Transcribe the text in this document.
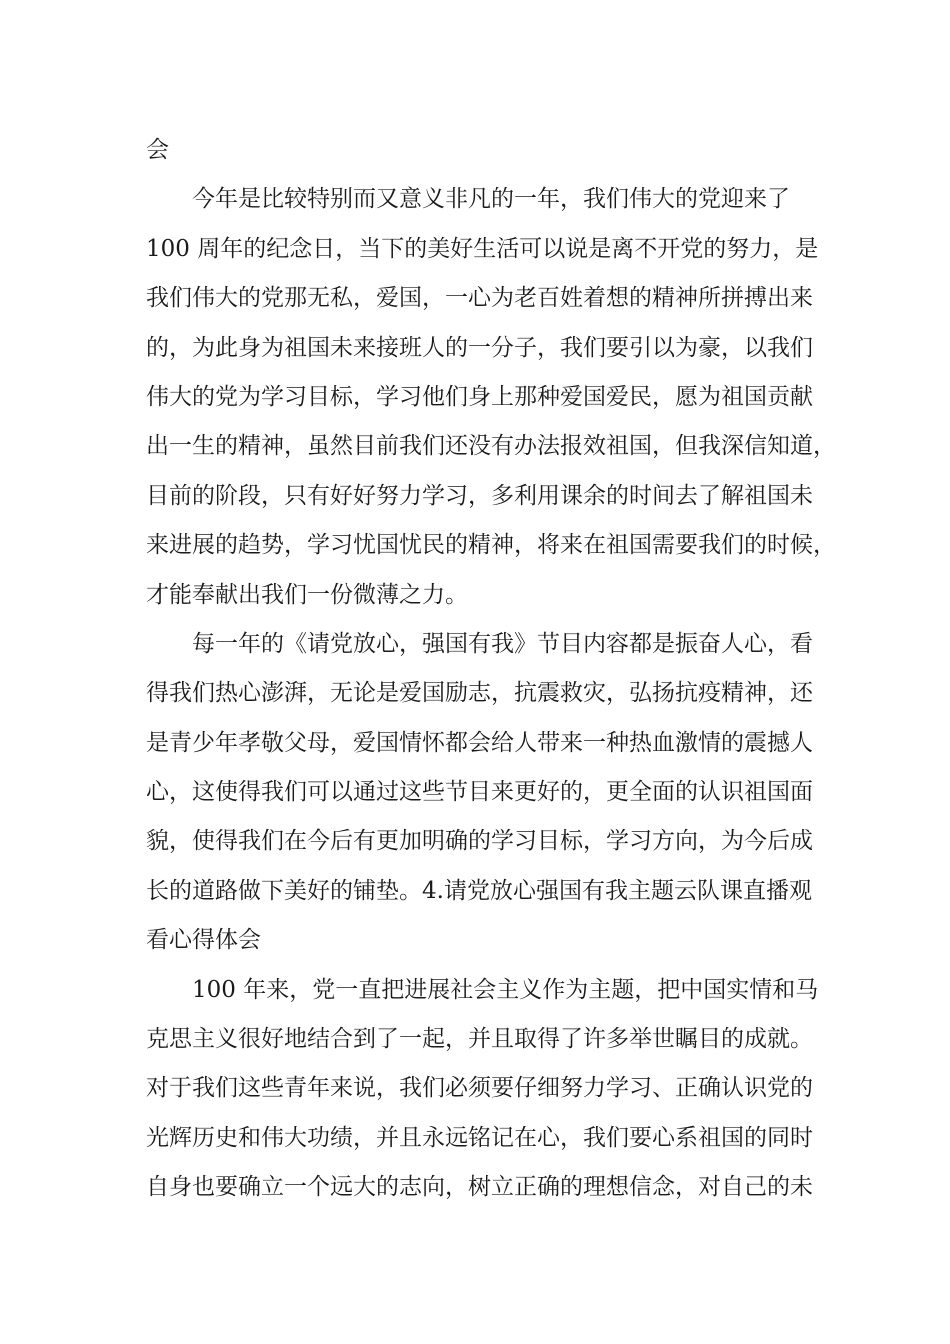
会
今年是比较特别而又意义非凡的一年，我们伟大的党迎来了
100 周年的纪念日，当下的美好生活可以说是离不开党的努力，是
我们伟大的党那无私，爱国，一心为老百姓着想的精神所拼搏出来
的，为此身为祖国未来接班人的一分子，我们要引以为豪，以我们
伟大的党为学习目标，学习他们身上那种爱国爱民，愿为祖国贡献
出一生的精神，虽然目前我们还没有办法报效祖国，但我深信知道，
目前的阶段，只有好好努力学习，多利用课余的时间去了解祖国未
来进展的趋势，学习忧国忧民的精神，将来在祖国需要我们的时候，
才能奉献出我们一份微薄之力。
每一年的《请党放心，强国有我》节目内容都是振奋人心，看
得我们热心澎湃，无论是爱国励志，抗震救灾，弘扬抗疫精神，还
是青少年孝敬父母，爱国情怀都会给人带来一种热血激情的震撼人
心，这使得我们可以通过这些节目来更好的，更全面的认识祖国面
貌，使得我们在今后有更加明确的学习目标，学习方向，为今后成
长的道路做下美好的铺垫。4.请党放心强国有我主题云队课直播观
看心得体会
100 年来，党一直把进展社会主义作为主题，把中国实情和马
克思主义很好地结合到了一起，并且取得了许多举世瞩目的成就。
对于我们这些青年来说，我们必须要仔细努力学习、正确认识党的
光辉历史和伟大功绩，并且永远铭记在心，我们要心系祖国的同时
自身也要确立一个远大的志向，树立正确的理想信念，对自己的未
